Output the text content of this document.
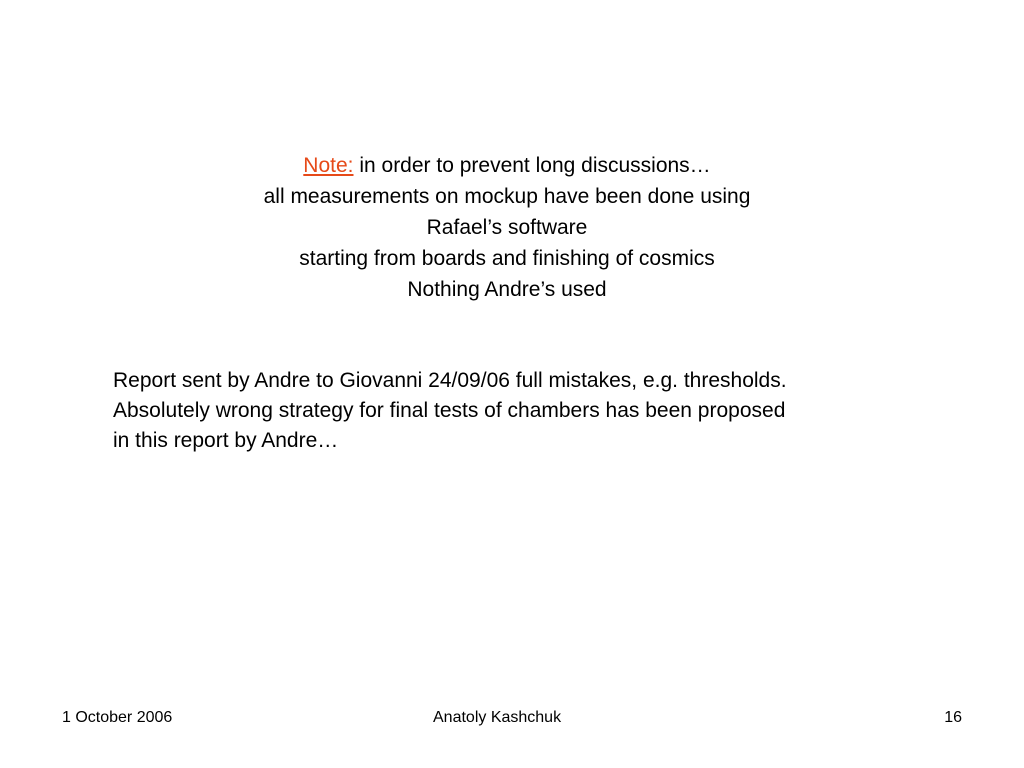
Note: in order to prevent long discussions…
all measurements on mockup have been done using
Rafael’s software
starting from boards and finishing of cosmics
Nothing Andre’s used
Report sent by Andre to Giovanni 24/09/06 full mistakes, e.g. thresholds.
Absolutely wrong strategy for final tests of chambers has been proposed
in this report by Andre…
1 October 2006	Anatoly Kashchuk	16
